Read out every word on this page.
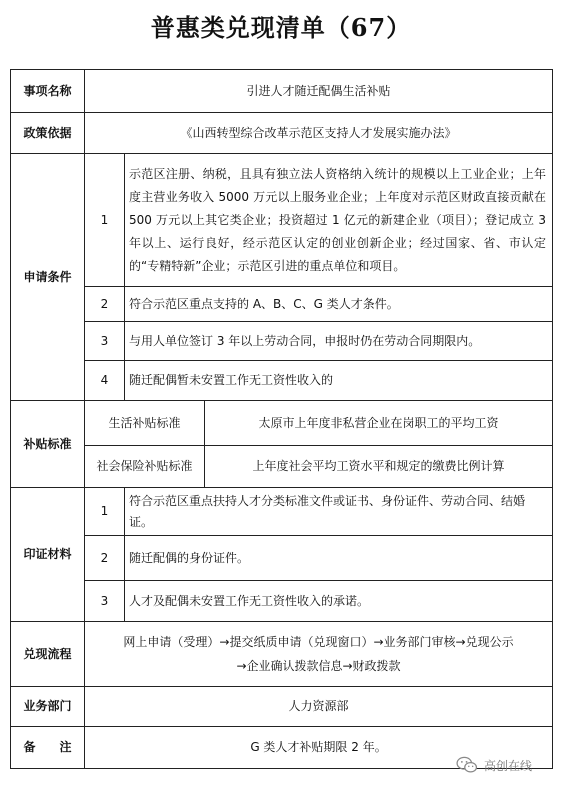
普惠类兑现清单（67）
事项名称	引进人才随迁配偶生活补贴		
政策依据	《山西转型综合改革示范区支持人才发展实施办法》		
申请条件	1	示范区注册、纳税，且具有独立法人资格纳入统计的规模以上工业企业；上年度主营业务收入 5000 万元以上服务业企业；上年度对示范区财政直接贡献在 500 万元以上其它类企业；投资超过 1 亿元的新建企业（项目）；登记成立 3 年以上、运行良好，经示范区认定的创业创新企业；经过国家、省、市认定的“专精特新”企业；示范区引进的重点单位和项目。	
	2	符合示范区重点支持的 A、B、C、G 类人才条件。	
	3	与用人单位签订 3 年以上劳动合同，申报时仍在劳动合同期限内。	
	4	随迁配偶暂未安置工作无工资性收入的	
补贴标准	生活补贴标准		太原市上年度非私营企业在岗职工的平均工资
	社会保险补贴标准		上年度社会平均工资水平和规定的缴费比例计算
印证材料	1	符合示范区重点扶持人才分类标准文件或证书、身份证件、劳动合同、结婚证。	
	2	随迁配偶的身份证件。	
	3	人才及配偶未安置工作无工资性收入的承诺。	
兑现流程	网上申请（受理）→提交纸质申请（兑现窗口）→业务部门审核→兑现公示
→企业确认拨款信息→财政拨款		

业务部门	人力资源部		
备　　注	G 类人才补贴期限 2 年。		
高创在线
